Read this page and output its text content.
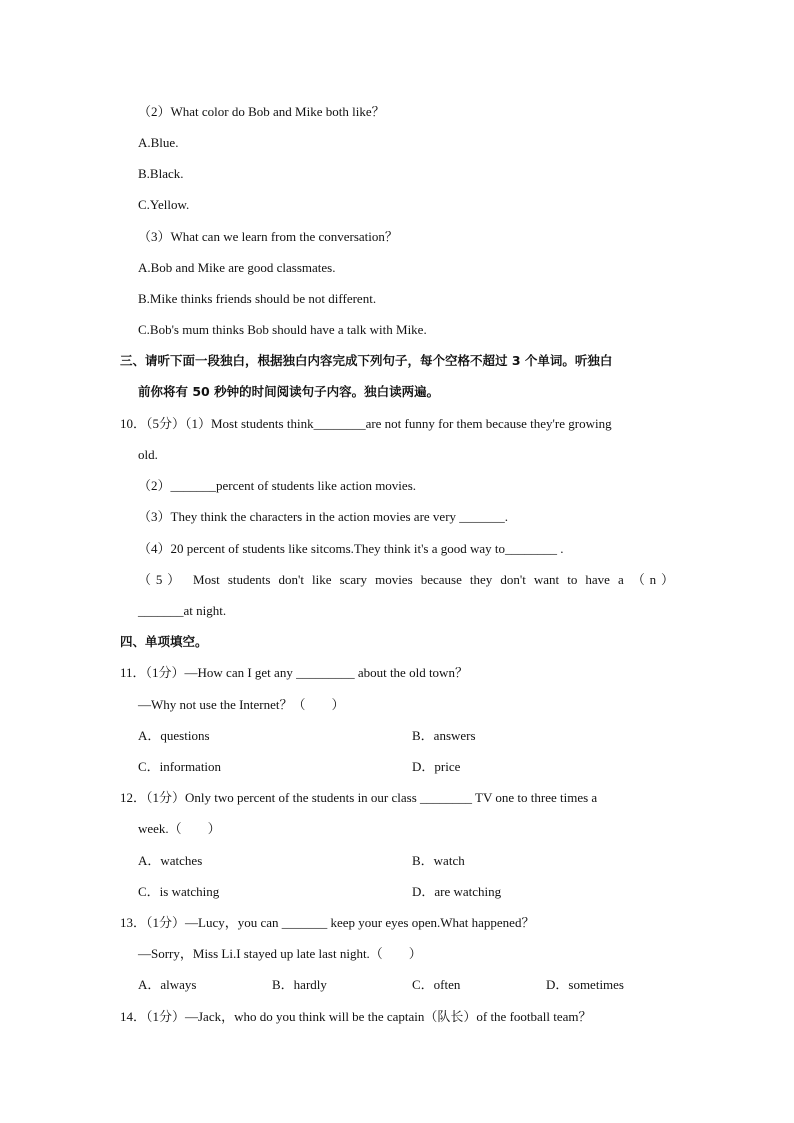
（2）What color do Bob and Mike both like？
A.Blue.
B.Black.
C.Yellow.
（3）What can we learn from the conversation？
A.Bob and Mike are good classmates.
B.Mike thinks friends should be not different.
C.Bob's mum thinks Bob should have a talk with Mike.
三、请听下面一段独白，根据独白内容完成下列句子，每个空格不超过 3 个单词。听独白
前你将有 50 秒钟的时间阅读句子内容。独白读两遍。
10．（5分）（1）Most students think________are not funny for them because they're growing
old.
（2）_______percent of students like action movies.
（3）They think the characters in the action movies are very _______.
（4）20 percent of students like sitcoms.They think it's a good way to________ .
（5） Most students don't like scary movies because they don't want to have a （n）
_______at night.
四、单项填空。
11．（1分）—How can I get any _________ about the old town？
—Why not use the Internet？（　　）
A．questions	B．answers
C．information	D．price
12．（1分）Only two percent of the students in our class ________ TV one to three times a
week.（　　）
A．watches	B．watch
C．is watching	D．are watching
13．（1分）—Lucy，you can _______ keep your eyes open.What happened？
—Sorry，Miss Li.I stayed up late last night.（　　）
A．always	B．hardly	C．often	D．sometimes
14．（1分）—Jack，who do you think will be the captain（队长）of the football team？
